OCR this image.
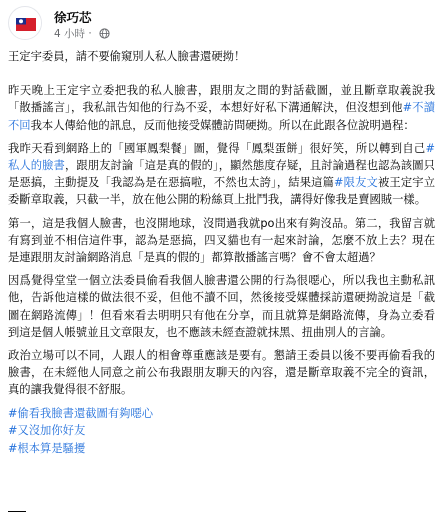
徐巧芯
4 小時 ·

王定宇委員，請不要偷窺別人私人臉書還硬拗！

昨天晚上王定宇立委把我的私人臉書，跟朋友之間的對話截圖，並且斷章取義說我「散播謠言」，我私訊告知他的行為不妥，本想好好私下溝通解決，但沒想到他#不讀不回我本人傳給他的訊息，反而他接受媒體訪問硬拗。所以在此跟各位說明過程：

我昨天看到網路上的「國軍鳳梨餐」圖，覺得「鳳梨蛋餅」很好笑，所以轉到自己#私人的臉書，跟朋友討論「這是真的假的」，顯然態度存疑，且討論過程也認為該圖只是惡搞，主動提及「我認為是在惡搞啦，不然也太誇」，結果這篇#限友文被王定宇立委斷章取義，只截一半，放在他公開的粉絲頁上批鬥我，講得好像我是賣國賊一樣。

第一，這是我個人臉書，也沒開地球，沒問過我就po出來有夠沒品。第二，我留言就有寫到並不相信這件事，認為是惡搞，四叉貓也有一起來討論，怎麼不放上去？現在是連跟朋友討論網路消息「是真的假的」都算散播謠言嗎？會不會太超過？

因爲覺得堂堂一個立法委員偷看我個人臉書還公開的行為很噁心，所以我也主動私訊他，告訴他這樣的做法很不妥，但他不讀不回，然後接受媒體採訪還硬拗說這是「截圖在網路流傳」！但看來看去明明只有他在分享，而且就算是網路流傳，身為立委看到這是個人帳號並且文章限友，也不應該未經查證就抹黑、扭曲別人的言論。

政治立場可以不同，人跟人的相會尊重應該是要有。懇請王委員以後不要再偷看我的臉書，在未經他人同意之前公布我跟朋友聊天的內容，還是斷章取義不完全的資訊，真的讓我覺得很不舒服。

#偷看我臉書還截圖有夠噁心
#又沒加你好友
#根本算是騷擾
